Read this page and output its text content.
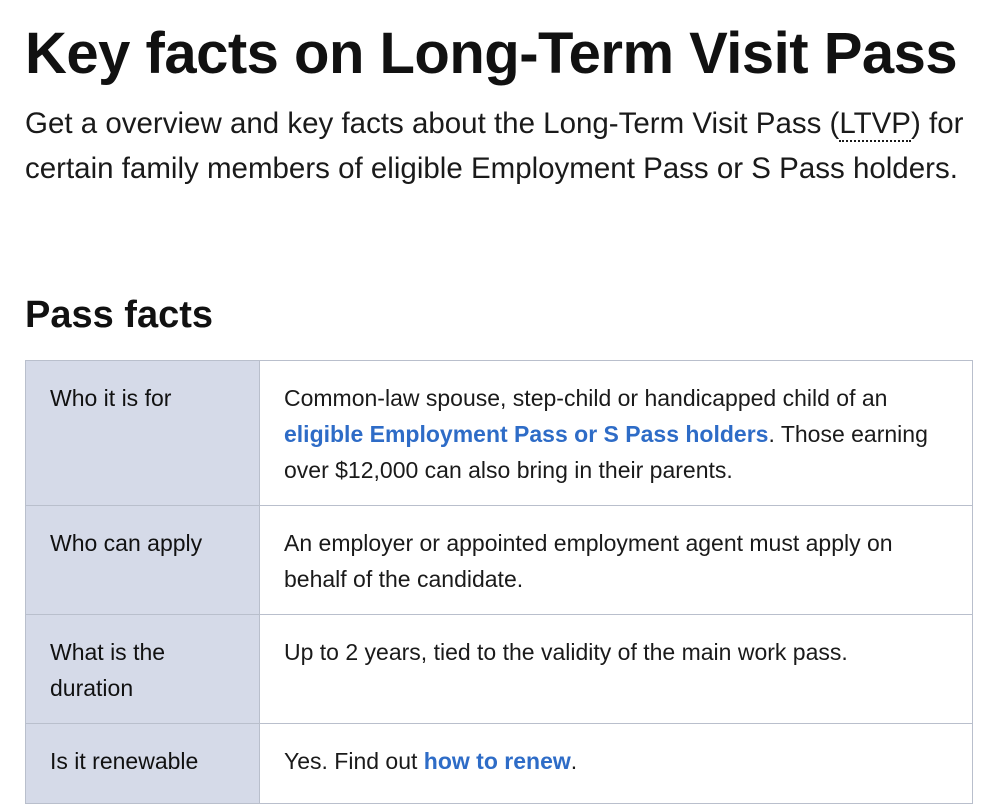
Key facts on Long-Term Visit Pass

Get a overview and key facts about the Long-Term Visit Pass (LTVP) for certain family members of eligible Employment Pass or S Pass holders.

Pass facts
Who it is for	Common-law spouse, step-child or handicapped child of an eligible Employment Pass or S Pass holders. Those earning over $12,000 can also bring in their parents.
Who can apply	An employer or appointed employment agent must apply on behalf of the candidate.
What is the duration	Up to 2 years, tied to the validity of the main work pass.
Is it renewable	Yes. Find out how to renew.
